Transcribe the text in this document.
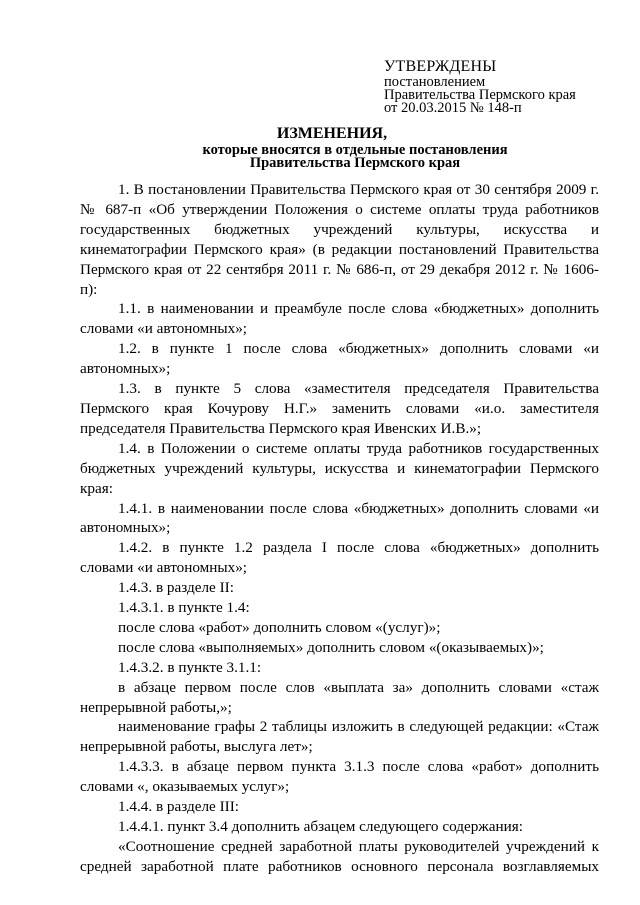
УТВЕРЖДЕНЫ
постановлением
Правительства Пермского края
от 20.03.2015 № 148-п
ИЗМЕНЕНИЯ,
которые вносятся в отдельные постановления
Правительства Пермского края

1. В постановлении Правительства Пермского края от 30 сентября 2009 г. № 687-п «Об утверждении Положения о системе оплаты труда работников государственных бюджетных учреждений культуры, искусства и кинематографии Пермского края» (в редакции постановлений Правительства Пермского края от 22 сентября 2011 г. № 686-п, от 29 декабря 2012 г. № 1606-п):

1.1. в наименовании и преамбуле после слова «бюджетных» дополнить словами «и автономных»;

1.2. в пункте 1 после слова «бюджетных» дополнить словами «и автономных»;

1.3. в пункте 5 слова «заместителя председателя Правительства Пермского края Кочурову Н.Г.» заменить словами «и.о. заместителя председателя Правительства Пермского края Ивенских И.В.»;

1.4. в Положении о системе оплаты труда работников государственных бюджетных учреждений культуры, искусства и кинематографии Пермского края:

1.4.1. в наименовании после слова «бюджетных» дополнить словами «и автономных»;

1.4.2. в пункте 1.2 раздела I после слова «бюджетных» дополнить словами «и автономных»;

1.4.3. в разделе II:

1.4.3.1. в пункте 1.4:

после слова «работ» дополнить словом «(услуг)»;

после слова «выполняемых» дополнить словом «(оказываемых)»;

1.4.3.2. в пункте 3.1.1:

в абзаце первом после слов «выплата за» дополнить словами «стаж непрерывной работы,»;

наименование графы 2 таблицы изложить в следующей редакции: «Стаж непрерывной работы, выслуга лет»;

1.4.3.3. в абзаце первом пункта 3.1.3 после слова «работ» дополнить словами «, оказываемых услуг»;

1.4.4. в разделе III:

1.4.4.1. пункт 3.4 дополнить абзацем следующего содержания:

«Соотношение средней заработной платы руководителей учреждений к средней заработной плате работников основного персонала возглавляемых
